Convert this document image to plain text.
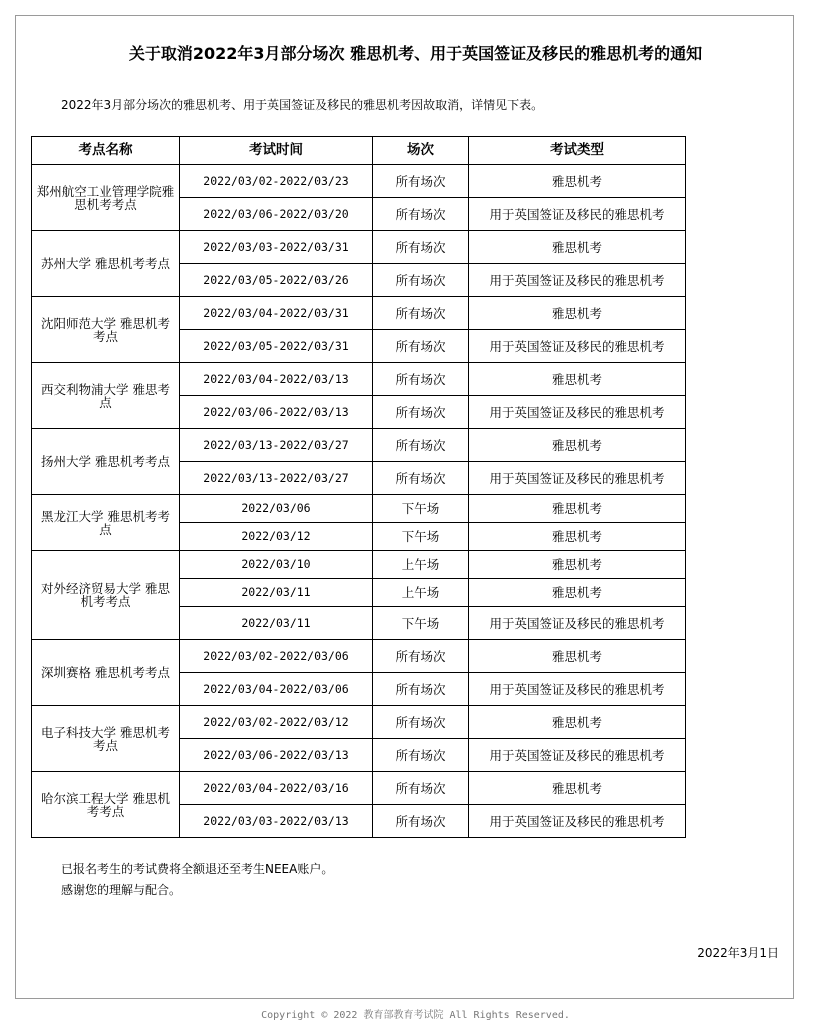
关于取消2022年3月部分场次 雅思机考、用于英国签证及移民的雅思机考的通知
2022年3月部分场次的雅思机考、用于英国签证及移民的雅思机考因故取消，详情见下表。
考点名称	考试时间	场次	考试类型
郑州航空工业管理学院雅思机考考点	2022/03/02-2022/03/23	所有场次	雅思机考
	2022/03/06-2022/03/20	所有场次	用于英国签证及移民的雅思机考
苏州大学 雅思机考考点	2022/03/03-2022/03/31	所有场次	雅思机考
	2022/03/05-2022/03/26	所有场次	用于英国签证及移民的雅思机考
沈阳师范大学 雅思机考考点	2022/03/04-2022/03/31	所有场次	雅思机考
	2022/03/05-2022/03/31	所有场次	用于英国签证及移民的雅思机考
西交利物浦大学 雅思考点	2022/03/04-2022/03/13	所有场次	雅思机考
	2022/03/06-2022/03/13	所有场次	用于英国签证及移民的雅思机考
扬州大学 雅思机考考点	2022/03/13-2022/03/27	所有场次	雅思机考
	2022/03/13-2022/03/27	所有场次	用于英国签证及移民的雅思机考
黑龙江大学 雅思机考考点	2022/03/06	下午场	雅思机考
	2022/03/12	下午场	雅思机考
对外经济贸易大学 雅思机考考点	2022/03/10	上午场	雅思机考
	2022/03/11	上午场	雅思机考
	2022/03/11	下午场	用于英国签证及移民的雅思机考
深圳赛格 雅思机考考点	2022/03/02-2022/03/06	所有场次	雅思机考
	2022/03/04-2022/03/06	所有场次	用于英国签证及移民的雅思机考
电子科技大学 雅思机考考点	2022/03/02-2022/03/12	所有场次	雅思机考
	2022/03/06-2022/03/13	所有场次	用于英国签证及移民的雅思机考
哈尔滨工程大学 雅思机考考点	2022/03/04-2022/03/16	所有场次	雅思机考
	2022/03/03-2022/03/13	所有场次	用于英国签证及移民的雅思机考
已报名考生的考试费将全额退还至考生NEEA账户。
感谢您的理解与配合。
2022年3月1日
Copyright © 2022 教育部教育考试院 All Rights Reserved.
